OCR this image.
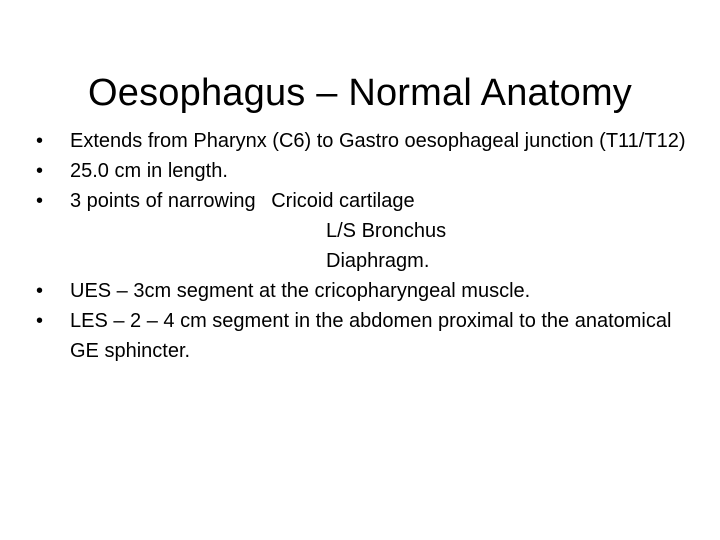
Oesophagus – Normal Anatomy
•	Extends from Pharynx (C6) to Gastro oesophageal junction (T11/T12)
•	25.0 cm in length.
•	3 points of narrowing Cricoid cartilage
L/S Bronchus
Diaphragm.
•	UES – 3cm segment at the cricopharyngeal muscle.
•	LES – 2 – 4 cm segment in the abdomen proximal to the anatomical GE sphincter.
